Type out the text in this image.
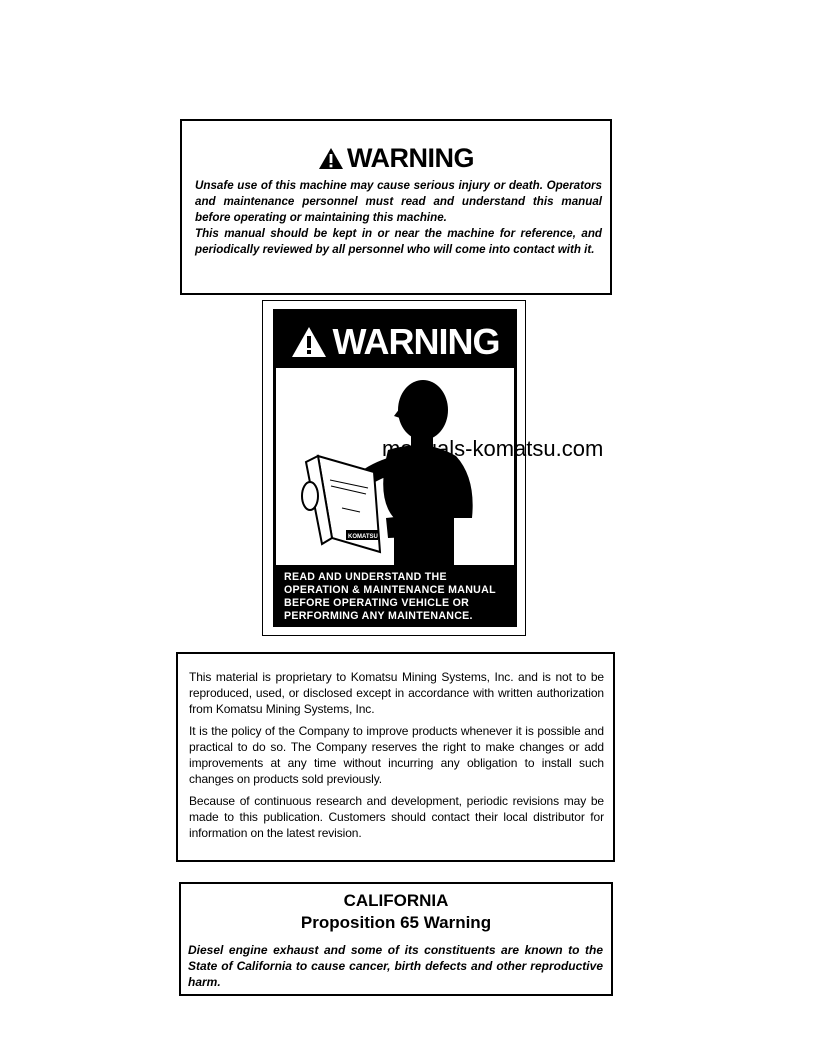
WARNING

Unsafe use of this machine may cause serious injury or death. Operators and maintenance personnel must read and understand this manual before operating or maintaining this machine.

This manual should be kept in or near the machine for reference, and periodically reviewed by all personnel who will come into contact with it.

WARNING
KOMATSU
READ AND UNDERSTAND THE
OPERATION & MAINTENANCE MANUAL
BEFORE OPERATING VEHICLE OR
PERFORMING ANY MAINTENANCE.
manuals-komatsu.com

This material is proprietary to Komatsu Mining Systems, Inc. and is not to be reproduced, used, or disclosed except in accordance with written authorization from Komatsu Mining Systems, Inc.

It is the policy of the Company to improve products whenever it is possible and practical to do so. The Company reserves the right to make changes or add improvements at any time without incurring any obligation to install such changes on products sold previously.

Because of continuous research and development, periodic revisions may be made to this publication. Customers should contact their local distributor for information on the latest revision.

CALIFORNIA
Proposition 65 Warning
Diesel engine exhaust and some of its constituents are known to the State of California to cause cancer, birth defects and other reproductive harm.
